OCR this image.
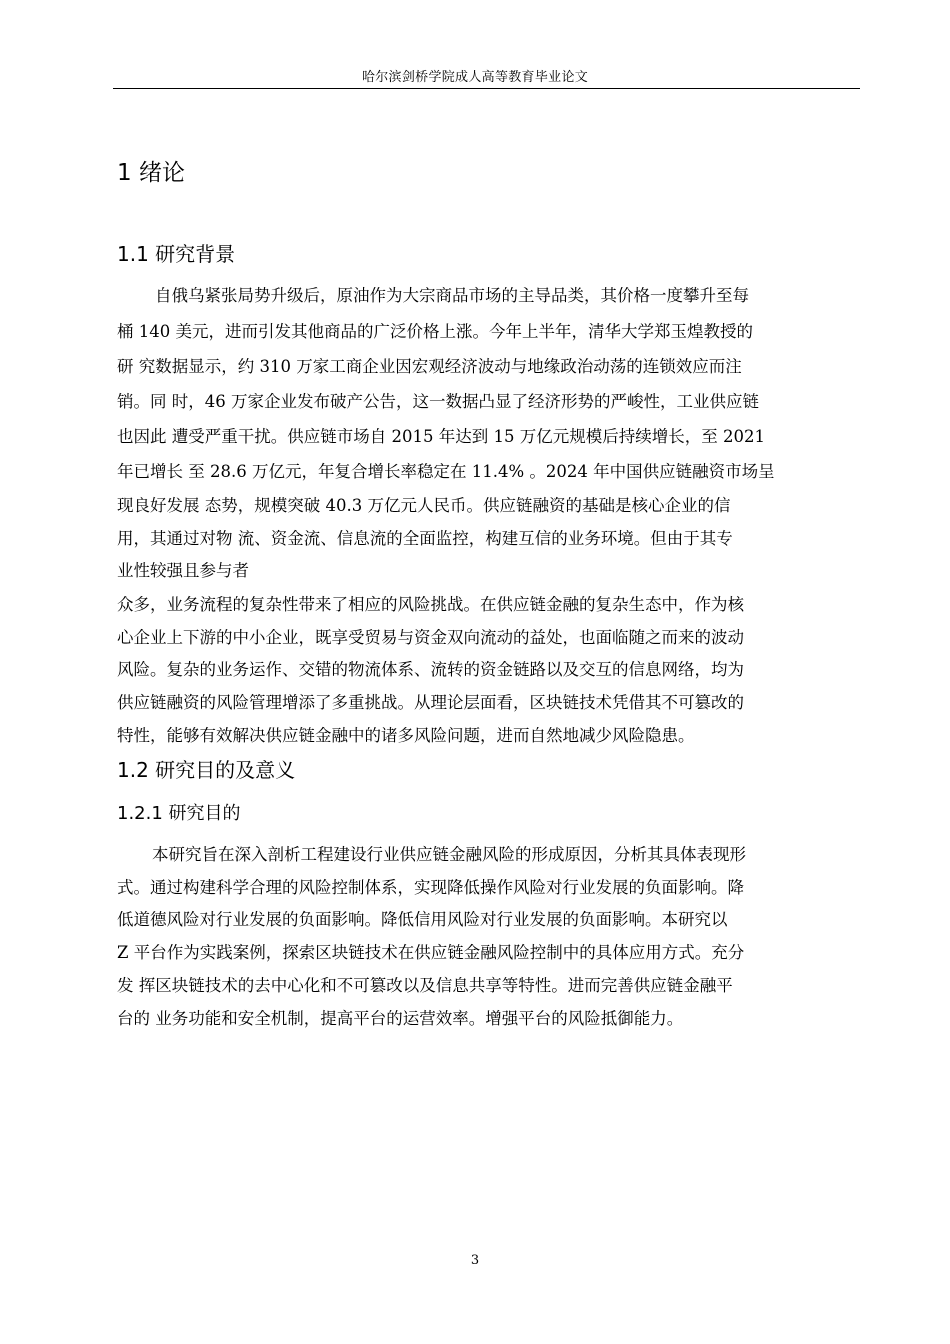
哈尔滨剑桥学院成人高等教育毕业论文
1 绪论
1.1 研究背景
自俄乌紧张局势升级后，原油作为大宗商品市场的主导品类，其价格一度攀升至每
桶 140 美元，进而引发其他商品的广泛价格上涨。今年上半年，清华大学郑玉煌教授的
研 究数据显示，约 310 万家工商企业因宏观经济波动与地缘政治动荡的连锁效应而注
销。同 时，46 万家企业发布破产公告，这一数据凸显了经济形势的严峻性，工业供应链
也因此 遭受严重干扰。供应链市场自 2015 年达到 15 万亿元规模后持续增长，至 2021
年已增长 至 28.6 万亿元，年复合增长率稳定在 11.4% 。2024 年中国供应链融资市场呈
现良好发展 态势，规模突破 40.3 万亿元人民币。供应链融资的基础是核心企业的信
用，其通过对物 流、资金流、信息流的全面监控，构建互信的业务环境。但由于其专
业性较强且参与者
众多，业务流程的复杂性带来了相应的风险挑战。在供应链金融的复杂生态中，作为核
心企业上下游的中小企业，既享受贸易与资金双向流动的益处，也面临随之而来的波动
风险。复杂的业务运作、交错的物流体系、流转的资金链路以及交互的信息网络，均为
供应链融资的风险管理增添了多重挑战。从理论层面看，区块链技术凭借其不可篡改的
特性，能够有效解决供应链金融中的诸多风险问题，进而自然地减少风险隐患。
1.2 研究目的及意义
1.2.1 研究目的
本研究旨在深入剖析工程建设行业供应链金融风险的形成原因，分析其具体表现形
式。通过构建科学合理的风险控制体系，实现降低操作风险对行业发展的负面影响。降
低道德风险对行业发展的负面影响。降低信用风险对行业发展的负面影响。本研究以
Z 平台作为实践案例，探索区块链技术在供应链金融风险控制中的具体应用方式。充分
发 挥区块链技术的去中心化和不可篡改以及信息共享等特性。进而完善供应链金融平
台的 业务功能和安全机制，提高平台的运营效率。增强平台的风险抵御能力。
3
